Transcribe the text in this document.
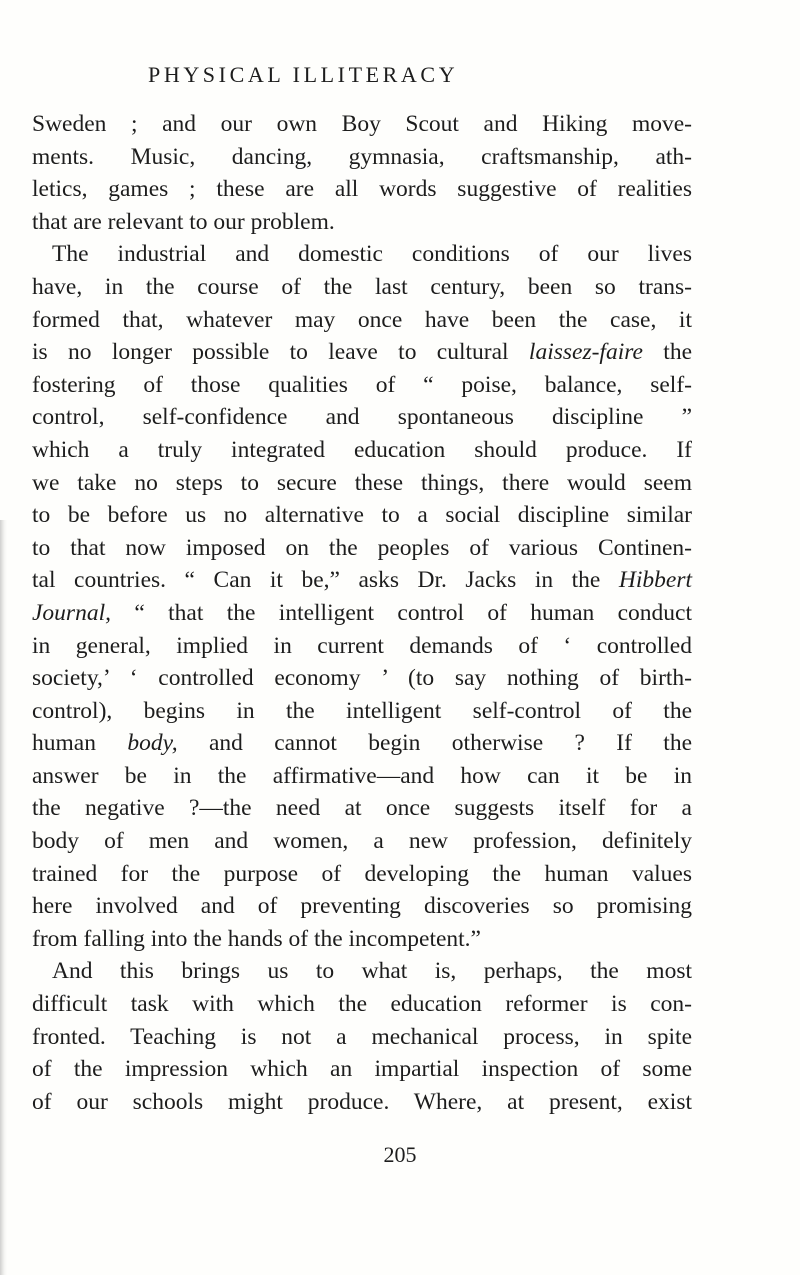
PHYSICAL ILLITERACY
Sweden ; and our own Boy Scout and Hiking move-
ments. Music, dancing, gymnasia, craftsmanship, ath-
letics, games ; these are all words suggestive of realities
that are relevant to our problem.
The industrial and domestic conditions of our lives
have, in the course of the last century, been so trans-
formed that, whatever may once have been the case, it
is no longer possible to leave to cultural laissez-faire the
fostering of those qualities of “ poise, balance, self-
control, self-confidence and spontaneous discipline ”
which a truly integrated education should produce. If
we take no steps to secure these things, there would seem
to be before us no alternative to a social discipline similar
to that now imposed on the peoples of various Continen-
tal countries. “ Can it be,” asks Dr. Jacks in the Hibbert
Journal, “ that the intelligent control of human conduct
in general, implied in current demands of ‘ controlled
society,’ ‘ controlled economy ’ (to say nothing of birth-
control), begins in the intelligent self-control of the
human body, and cannot begin otherwise ? If the
answer be in the affirmative—and how can it be in
the negative ?—the need at once suggests itself for a
body of men and women, a new profession, definitely
trained for the purpose of developing the human values
here involved and of preventing discoveries so promising
from falling into the hands of the incompetent.”
And this brings us to what is, perhaps, the most
difficult task with which the education reformer is con-
fronted. Teaching is not a mechanical process, in spite
of the impression which an impartial inspection of some
of our schools might produce. Where, at present, exist
205
